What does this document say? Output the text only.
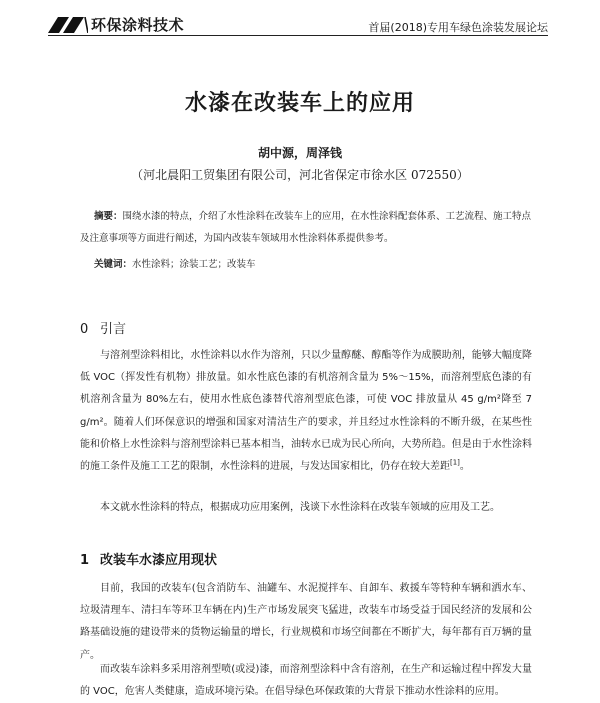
环保涂料技术	首届(2018)专用车绿色涂装发展论坛
水漆在改装车上的应用
胡中源，周泽钱
（河北晨阳工贸集团有限公司，河北省保定市徐水区 072550）
摘要：围绕水漆的特点，介绍了水性涂料在改装车上的应用，在水性涂料配套体系、工艺流程、施工特点及注意事项等方面进行阐述，为国内改装车领域用水性涂料体系提供参考。
关键词：水性涂料；涂装工艺；改装车
0 引言
与溶剂型涂料相比，水性涂料以水作为溶剂，只以少量醇醚、醇酯等作为成膜助剂，能够大幅度降低 VOC（挥发性有机物）排放量。如水性底色漆的有机溶剂含量为 5%～15%，而溶剂型底色漆的有机溶剂含量为 80%左右，使用水性底色漆替代溶剂型底色漆，可使 VOC 排放量从 45 g/m²降至 7 g/m²。随着人们环保意识的增强和国家对清洁生产的要求，并且经过水性涂料的不断升级，在某些性能和价格上水性涂料与溶剂型涂料已基本相当，油转水已成为民心所向，大势所趋。但是由于水性涂料的施工条件及施工工艺的限制，水性涂料的进展，与发达国家相比，仍存在较大差距[1]。
本文就水性涂料的特点，根据成功应用案例，浅谈下水性涂料在改装车领域的应用及工艺。
1 改装车水漆应用现状
目前，我国的改装车(包含消防车、油罐车、水泥搅拌车、自卸车、救援车等特种车辆和洒水车、垃圾清理车、清扫车等环卫车辆在内)生产市场发展突飞猛进，改装车市场受益于国民经济的发展和公路基础设施的建设带来的货物运输量的增长，行业规模和市场空间都在不断扩大，每年都有百万辆的量产。
而改装车涂料多采用溶剂型喷(或浸)漆，而溶剂型涂料中含有溶剂，在生产和运输过程中挥发大量的 VOC，危害人类健康，造成环境污染。在倡导绿色环保政策的大背景下推动水性涂料的应用。
